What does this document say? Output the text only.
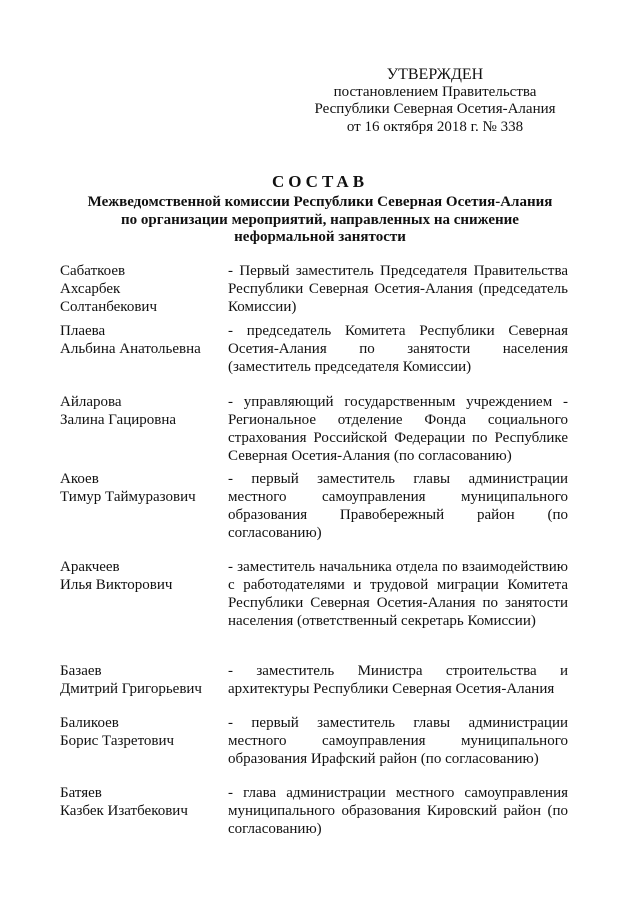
УТВЕРЖДЕН
постановлением Правительства
Республики Северная Осетия-Алания
от 16 октября 2018 г. № 338
СОСТАВ
Межведомственной комиссии Республики Северная Осетия-Алания
по организации мероприятий, направленных на снижение
неформальной занятости
Сабаткоев
Ахсарбек
Солтанбекович
- Первый заместитель Председателя Правительства Республики Северная Осетия-Алания (председатель Комиссии)
Плаева
Альбина Анатольевна
- председатель Комитета Республики Северная Осетия-Алания по занятости населения (заместитель председателя Комиссии)
Айларова
Залина Гацировна
- управляющий государственным учреждением - Региональное отделение Фонда социального страхования Российской Федерации по Республике Северная Осетия-Алания (по согласованию)
Акоев
Тимур Таймуразович
- первый заместитель главы администрации местного самоуправления муниципального образования Правобережный район (по согласованию)
Аракчеев
Илья Викторович
- заместитель начальника отдела по взаимодействию с работодателями и трудовой миграции Комитета Республики Северная Осетия-Алания по занятости населения (ответственный секретарь Комиссии)
Базаев
Дмитрий Григорьевич
- заместитель Министра строительства и архитектуры Республики Северная Осетия-Алания
Баликоев
Борис Тазретович
- первый заместитель главы администрации местного самоуправления муниципального образования Ирафский район (по согласованию)
Батяев
Казбек Изатбекович
- глава администрации местного самоуправления муниципального образования Кировский район (по согласованию)
